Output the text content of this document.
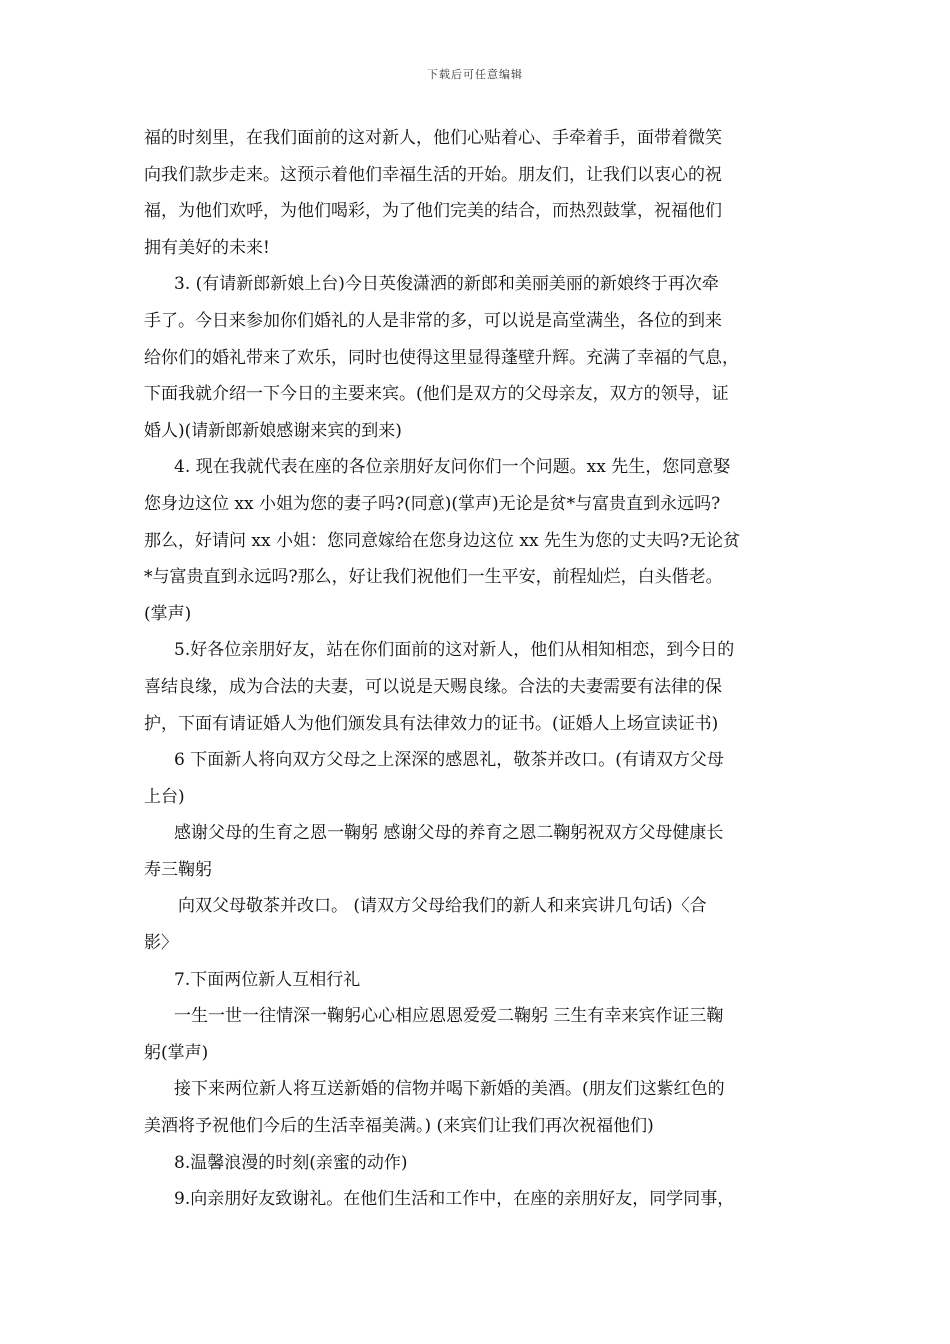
下载后可任意编辑
福的时刻里，在我们面前的这对新人，他们心贴着心、手牵着手，面带着微笑
向我们款步走来。这预示着他们幸福生活的开始。朋友们，让我们以衷心的祝
福，为他们欢呼，为他们喝彩，为了他们完美的结合，而热烈鼓掌，祝福他们
拥有美好的未来!
3. (有请新郎新娘上台)今日英俊潇洒的新郎和美丽美丽的新娘终于再次牵
手了。今日来参加你们婚礼的人是非常的多，可以说是高堂满坐，各位的到来
给你们的婚礼带来了欢乐，同时也使得这里显得蓬壁升辉。充满了幸福的气息，
下面我就介绍一下今日的主要来宾。(他们是双方的父母亲友，双方的领导，证
婚人)(请新郎新娘感谢来宾的到来)
4. 现在我就代表在座的各位亲朋好友问你们一个问题。xx 先生，您同意娶
您身边这位 xx 小姐为您的妻子吗?(同意)(掌声)无论是贫*与富贵直到永远吗?
那么，好请问 xx 小姐：您同意嫁给在您身边这位 xx 先生为您的丈夫吗?无论贫
*与富贵直到永远吗?那么，好让我们祝他们一生平安，前程灿烂，白头偕老。
(掌声)
5.好各位亲朋好友，站在你们面前的这对新人，他们从相知相恋，到今日的
喜结良缘，成为合法的夫妻，可以说是天赐良缘。合法的夫妻需要有法律的保
护，下面有请证婚人为他们颁发具有法律效力的证书。(证婚人上场宣读证书)
6 下面新人将向双方父母之上深深的感恩礼，敬茶并改口。(有请双方父母
上台)
感谢父母的生育之恩一鞠躬 感谢父母的养育之恩二鞠躬祝双方父母健康长
寿三鞠躬
向双父母敬茶并改口。 (请双方父母给我们的新人和来宾讲几句话)〈合
影〉
7.下面两位新人互相行礼
一生一世一往情深一鞠躬心心相应恩恩爱爱二鞠躬 三生有幸来宾作证三鞠
躬(掌声)
接下来两位新人将互送新婚的信物并喝下新婚的美酒。(朋友们这紫红色的
美酒将予祝他们今后的生活幸福美满。) (来宾们让我们再次祝福他们)
8.温馨浪漫的时刻(亲蜜的动作)
9.向亲朋好友致谢礼。在他们生活和工作中，在座的亲朋好友，同学同事，
